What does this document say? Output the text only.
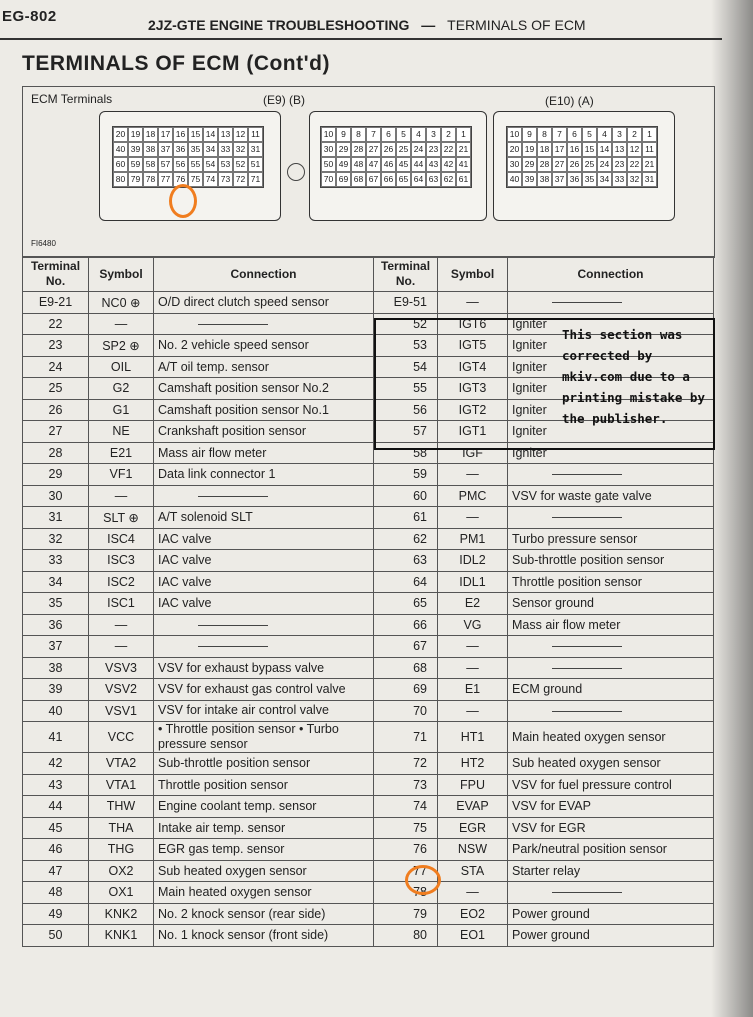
EG-802	2JZ-GTE ENGINE TROUBLESHOOTING — TERMINALS OF ECM
TERMINALS OF ECM (Cont'd)
ECM Terminals	(E9) (B)	(E10) (A)
20 19 18 17 16 15 14 13 12 11
40 39 38 37 36 35 34 33 32 31
60 59 58 57 56 55 54 53 52 51
80 79 78 77 76 75 74 73 72 71
10 9	8	7	6	5	4	3	2	1
30 29 28 27 26 25 24 23 22 21
50 49 48 47 46 45 44 43 42 41
70 69 68 67 66 65 64 63 62 61
10 9	8	7	6	5	4	3	2	1
20 19 18 17 16 15 14 13 12 11
30 29 28 27 26 25 24 23 22 21
40 39 38 37 36 35 34 33 32 31
FI6480
Terminal No.	Symbol	Connection	Terminal No.	Symbol	Connection
E9-21	NC0 ⊕	O/D direct clutch speed sensor	E9-51	—	
22	—		52	IGT6	Igniter
23	SP2 ⊕	No. 2 vehicle speed sensor	53	IGT5	Igniter
24	OIL	A/T oil temp. sensor	54	IGT4	Igniter
25	G2	Camshaft position sensor No.2	55	IGT3	Igniter
26	G1	Camshaft position sensor No.1	56	IGT2	Igniter
27	NE	Crankshaft position sensor	57	IGT1	Igniter
28	E21	Mass air flow meter	58	IGF	Igniter
29	VF1	Data link connector 1	59	—	
30	—		60	PMC	VSV for waste gate valve
31	SLT ⊕	A/T solenoid SLT	61	—	
32	ISC4	IAC valve	62	PM1	Turbo pressure sensor
33	ISC3	IAC valve	63	IDL2	Sub-throttle position sensor
34	ISC2	IAC valve	64	IDL1	Throttle position sensor
35	ISC1	IAC valve	65	E2	Sensor ground
36	—		66	VG	Mass air flow meter
37	—		67	—	
38	VSV3	VSV for exhaust bypass valve	68	—	
39	VSV2	VSV for exhaust gas control valve	69	E1	ECM ground
40	VSV1	VSV for intake air control valve	70	—	
41	VCC	• Throttle position sensor • Turbo pressure sensor	71	HT1	Main heated oxygen sensor
42	VTA2	Sub-throttle position sensor	72	HT2	Sub heated oxygen sensor
43	VTA1	Throttle position sensor	73	FPU	VSV for fuel pressure control
44	THW	Engine coolant temp. sensor	74	EVAP	VSV for EVAP
45	THA	Intake air temp. sensor	75	EGR	VSV for EGR
46	THG	EGR gas temp. sensor	76	NSW	Park/neutral position sensor
47	OX2	Sub heated oxygen sensor	77	STA	Starter relay
48	OX1	Main heated oxygen sensor	78	—	
49	KNK2	No. 2 knock sensor (rear side)	79	EO2	Power ground
50	KNK1	No. 1 knock sensor (front side)	80	EO1	Power ground
This section was corrected by mkiv.com due to a printing mistake by the publisher.
